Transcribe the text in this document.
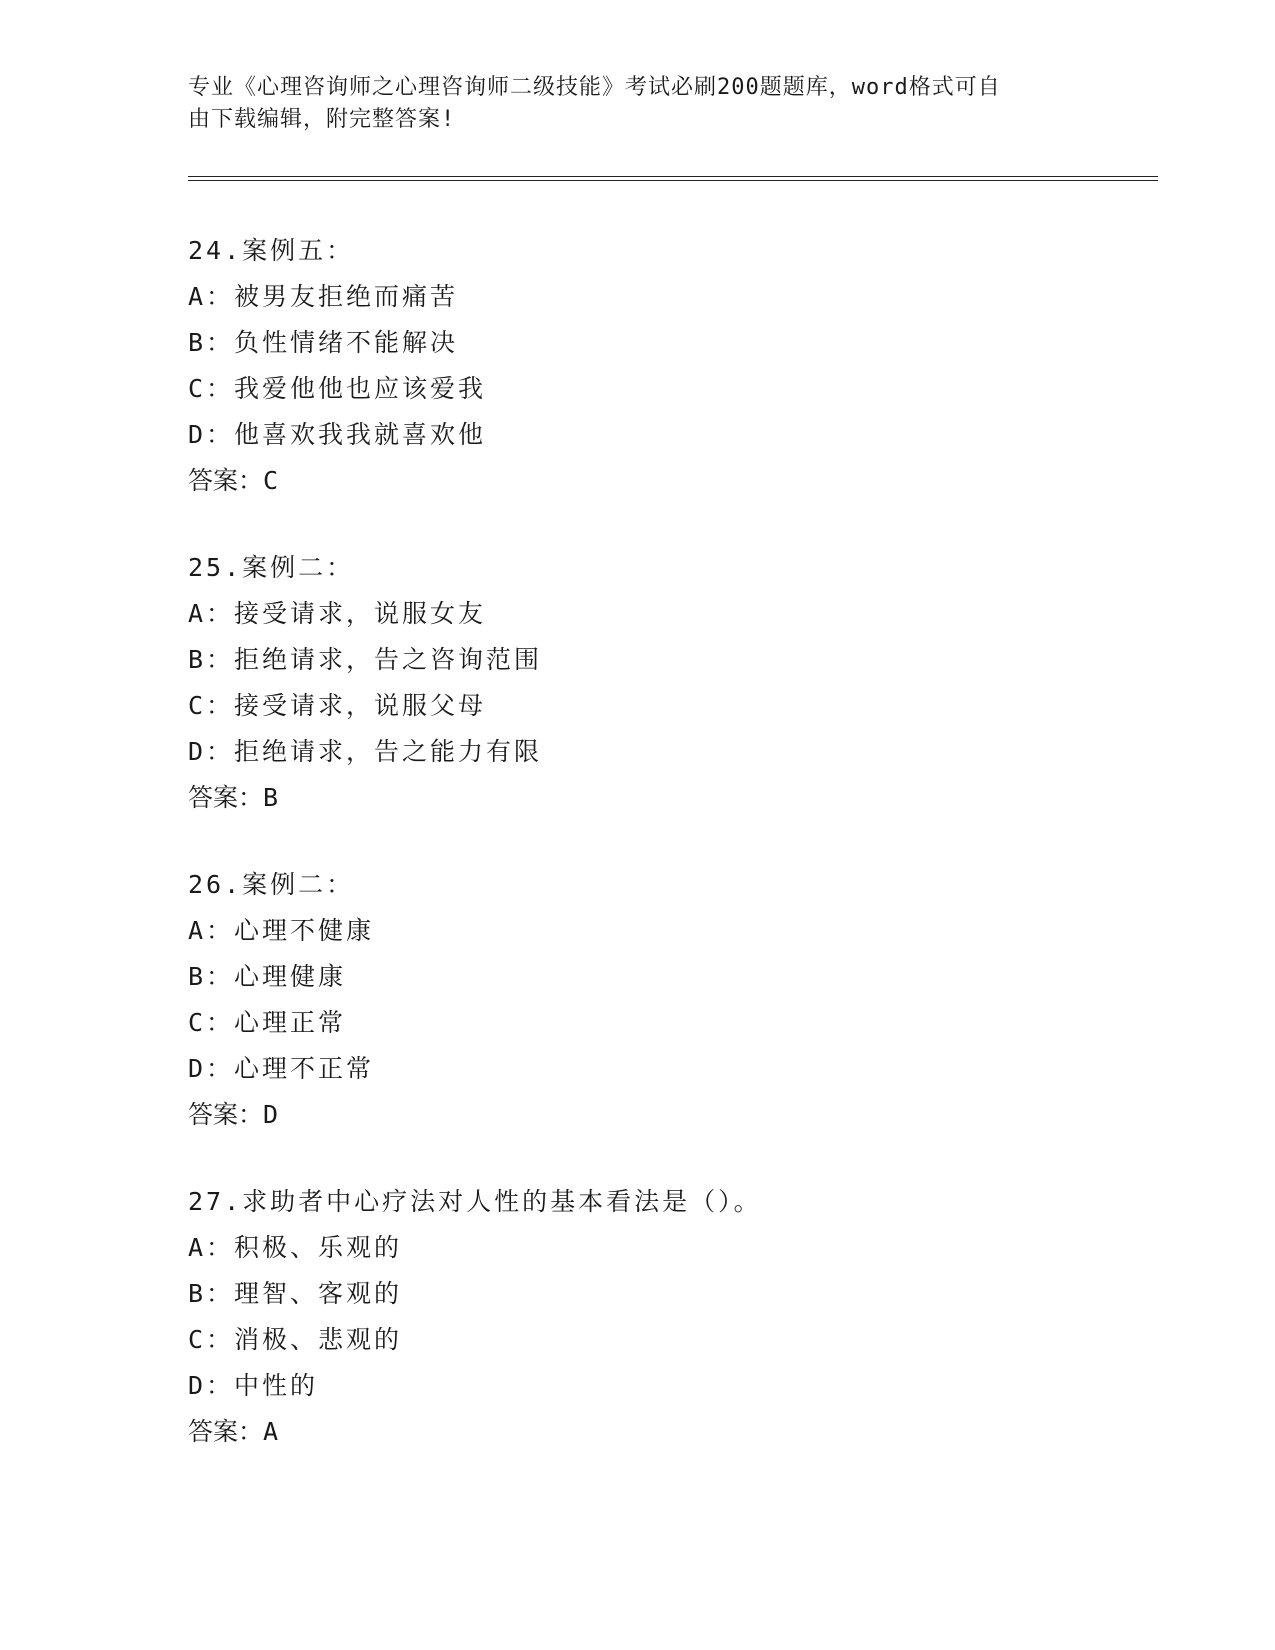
专业《心理咨询师之心理咨询师二级技能》考试必刷200题题库，word格式可自
由下载编辑，附完整答案!
24.案例五：
A：被男友拒绝而痛苦
B：负性情绪不能解决
C：我爱他他也应该爱我
D：他喜欢我我就喜欢他
答案：C
25.案例二：
A：接受请求，说服女友
B：拒绝请求，告之咨询范围
C：接受请求，说服父母
D：拒绝请求，告之能力有限
答案：B
26.案例二：
A：心理不健康
B：心理健康
C：心理正常
D：心理不正常
答案：D
27.求助者中心疗法对人性的基本看法是（）。
A：积极、乐观的
B：理智、客观的
C：消极、悲观的
D：中性的
答案：A
